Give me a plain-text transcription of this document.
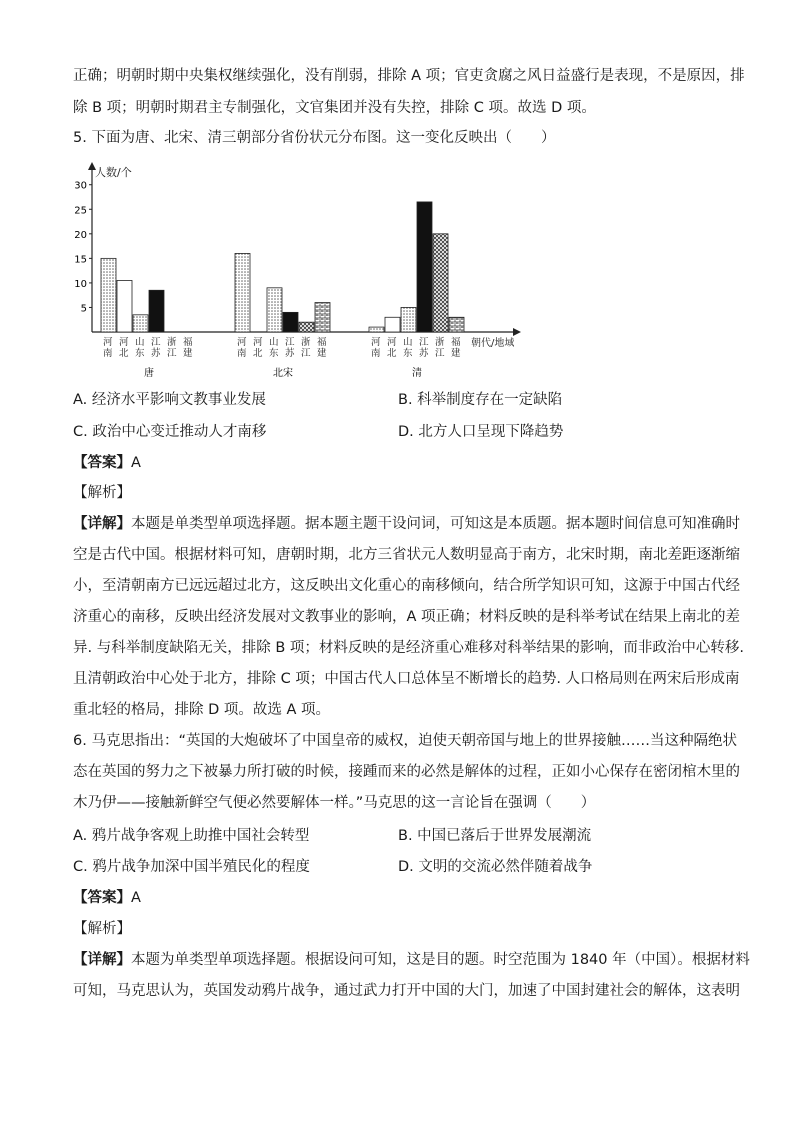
正确；明朝时期中央集权继续强化，没有削弱，排除 A 项；官吏贪腐之风日益盛行是表现，不是原因，排
除 B 项；明朝时期君主专制强化，文官集团并没有失控，排除 C 项。故选 D 项。
5. 下面为唐、北宋、清三朝部分省份状元分布图。这一变化反映出（　　）
人数/个
朝代/地域
5
10
15
20
25
30
河南
河北
山东
江苏
浙江
福建
唐
河南
河北
山东
江苏
浙江
福建
北宋
河南
河北
山东
江苏
浙江
福建
清
A. 经济水平影响文教事业发展	B. 科举制度存在一定缺陷
C. 政治中心变迁推动人才南移	D. 北方人口呈现下降趋势
【答案】A
【解析】
【详解】本题是单类型单项选择题。据本题主题干设问词，可知这是本质题。据本题时间信息可知准确时
空是古代中国。根据材料可知，唐朝时期，北方三省状元人数明显高于南方，北宋时期，南北差距逐渐缩
小，至清朝南方已远远超过北方，这反映出文化重心的南移倾向，结合所学知识可知，这源于中国古代经
济重心的南移，反映出经济发展对文教事业的影响，A 项正确；材料反映的是科举考试在结果上南北的差
异. 与科举制度缺陷无关，排除 B 项；材料反映的是经济重心难移对科举结果的影响，而非政治中心转移.
且清朝政治中心处于北方，排除 C 项；中国古代人口总体呈不断增长的趋势. 人口格局则在两宋后形成南
重北轻的格局，排除 D 项。故选 A 项。
6. 马克思指出：“英国的大炮破坏了中国皇帝的威权，迫使天朝帝国与地上的世界接触……当这种隔绝状
态在英国的努力之下被暴力所打破的时候，接踵而来的必然是解体的过程，正如小心保存在密闭棺木里的
木乃伊——接触新鲜空气便必然要解体一样。”马克思的这一言论旨在强调（　　）
A. 鸦片战争客观上助推中国社会转型	B. 中国已落后于世界发展潮流
C. 鸦片战争加深中国半殖民化的程度	D. 文明的交流必然伴随着战争
【答案】A
【解析】
【详解】本题为单类型单项选择题。根据设问可知，这是目的题。时空范围为 1840 年（中国）。根据材料
可知，马克思认为，英国发动鸦片战争，通过武力打开中国的大门，加速了中国封建社会的解体，这表明
